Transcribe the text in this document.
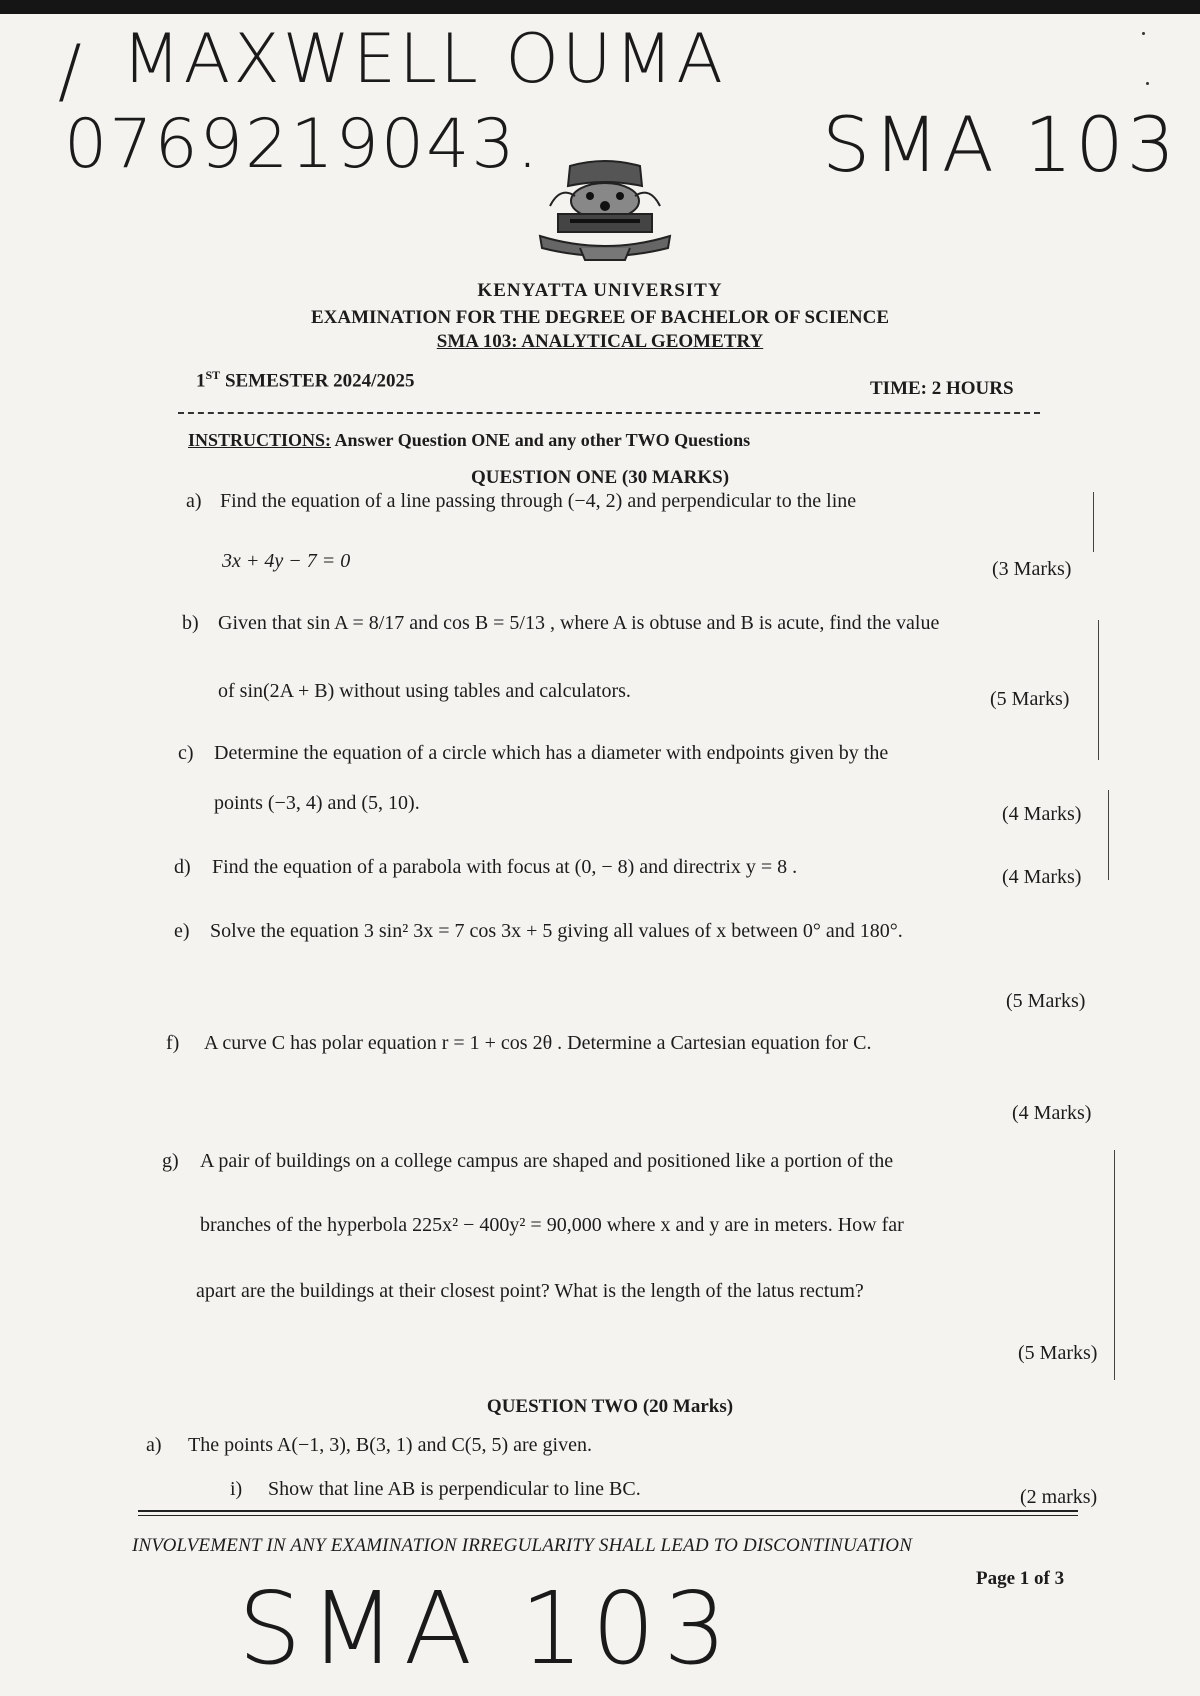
/ MAXWELL OUMA
0769219043.	SMA 103
KENYATTA UNIVERSITY
EXAMINATION FOR THE DEGREE OF BACHELOR OF SCIENCE
SMA 103: ANALYTICAL GEOMETRY
1ST SEMESTER 2024/2025	TIME: 2 HOURS
INSTRUCTIONS: Answer Question ONE and any other TWO Questions
QUESTION ONE (30 MARKS)
a) Find the equation of a line passing through (−4, 2) and perpendicular to the line
3x + 4y − 7 = 0	(3 Marks)
b) Given that sin A = 8/17 and cos B = 5/13 , where A is obtuse and B is acute, find the value
of sin(2A + B) without using tables and calculators.	(5 Marks)
c) Determine the equation of a circle which has a diameter with endpoints given by the
points (−3, 4) and (5, 10).	(4 Marks)
d) Find the equation of a parabola with focus at (0, − 8) and directrix y = 8 .	(4 Marks)
e) Solve the equation 3 sin² 3x = 7 cos 3x + 5 giving all values of x between 0° and 180°.
(5 Marks)
f) A curve C has polar equation r = 1 + cos 2θ . Determine a Cartesian equation for C.
(4 Marks)
g) A pair of buildings on a college campus are shaped and positioned like a portion of the
branches of the hyperbola 225x² − 400y² = 90,000 where x and y are in meters. How far
apart are the buildings at their closest point? What is the length of the latus rectum?
(5 Marks)
QUESTION TWO (20 Marks)
a) The points A(−1, 3), B(3, 1) and C(5, 5) are given.
i) Show that line AB is perpendicular to line BC.	(2 marks)
INVOLVEMENT IN ANY EXAMINATION IRREGULARITY SHALL LEAD TO DISCONTINUATION
Page 1 of 3
SMA 103
